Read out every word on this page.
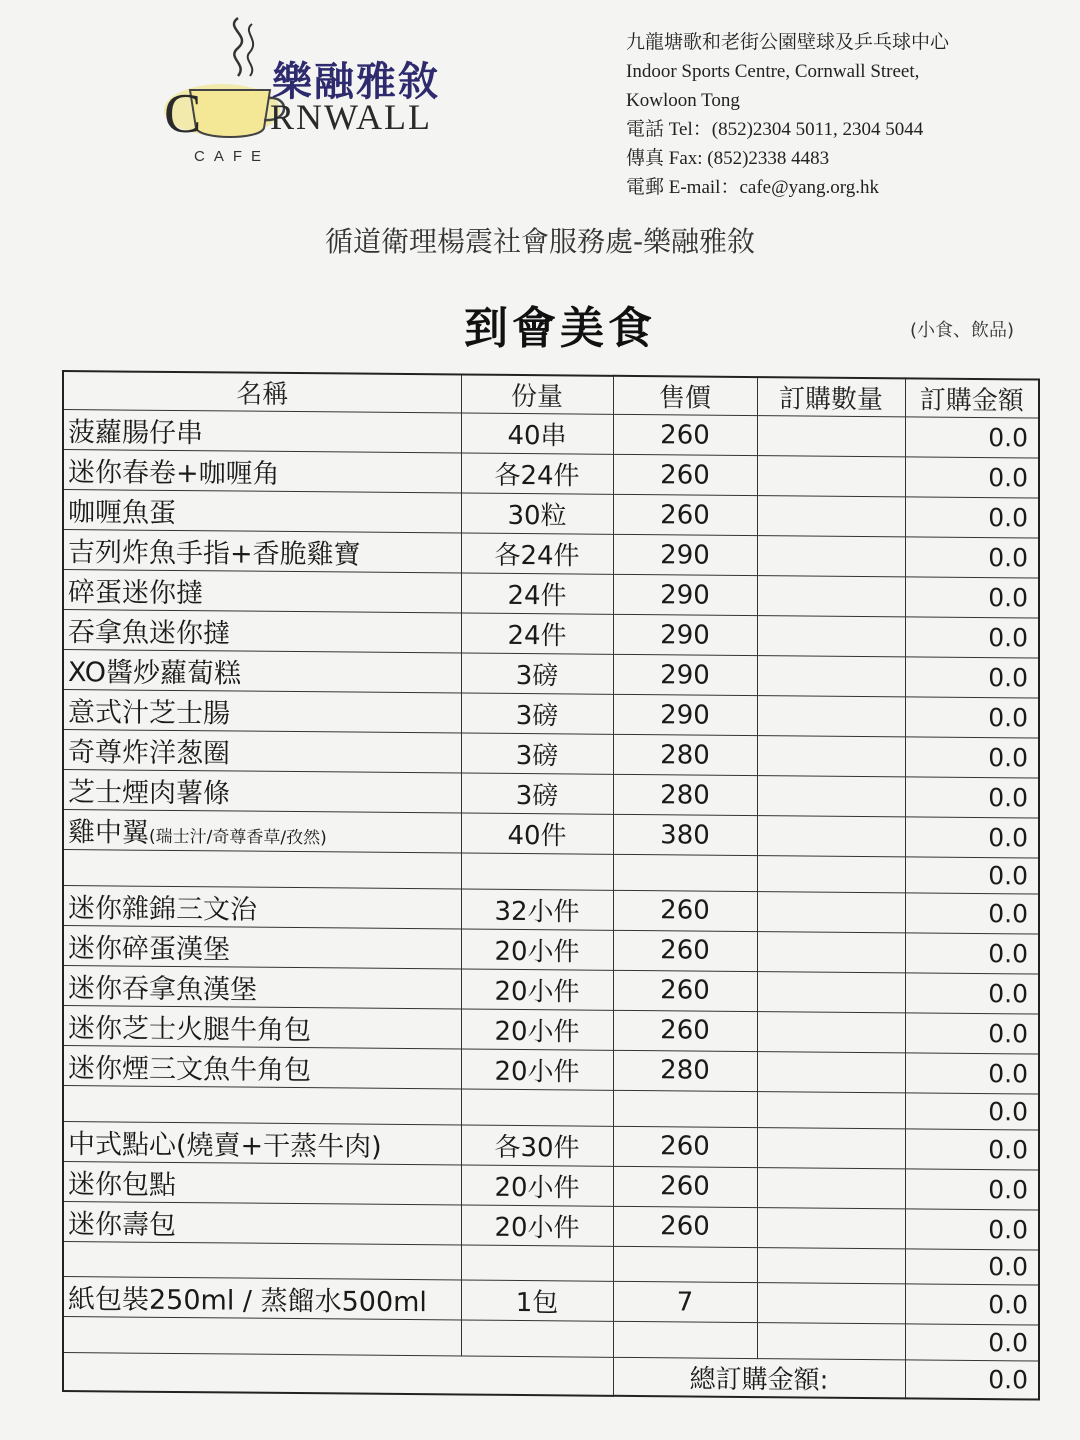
C
樂融雅敘
RNWALL
CAFE
九龍塘歌和老街公園壁球及乒乓球中心
Indoor Sports Centre, Cornwall Street,
Kowloon Tong
電話 Tel：(852)2304 5011, 2304 5044
傳真 Fax: (852)2338 4483
電郵 E-mail：cafe@yang.org.hk
循道衛理楊震社會服務處-樂融雅敘
到會美食	(小食、飲品)
名稱	份量	售價	訂購數量	訂購金額
菠蘿腸仔串	40串	260		0.0
迷你春卷+咖喱角	各24件	260		0.0
咖喱魚蛋	30粒	260		0.0
吉列炸魚手指+香脆雞寶	各24件	290		0.0
碎蛋迷你撻	24件	290		0.0
吞拿魚迷你撻	24件	290		0.0
XO醬炒蘿蔔糕	3磅	290		0.0
意式汁芝士腸	3磅	290		0.0
奇尊炸洋葱圈	3磅	280		0.0
芝士煙肉薯條	3磅	280		0.0
雞中翼(瑞士汁/奇尊香草/孜然)	40件	380		0.0
				0.0
迷你雜錦三文治	32小件	260		0.0
迷你碎蛋漢堡	20小件	260		0.0
迷你吞拿魚漢堡	20小件	260		0.0
迷你芝士火腿牛角包	20小件	260		0.0
迷你煙三文魚牛角包	20小件	280		0.0
				0.0
中式點心(燒賣+干蒸牛肉)	各30件	260		0.0
迷你包點	20小件	260		0.0
迷你壽包	20小件	260		0.0
				0.0
紙包裝250ml / 蒸餾水500ml	1包	7		0.0
				0.0
		總訂購金額:		0.0
